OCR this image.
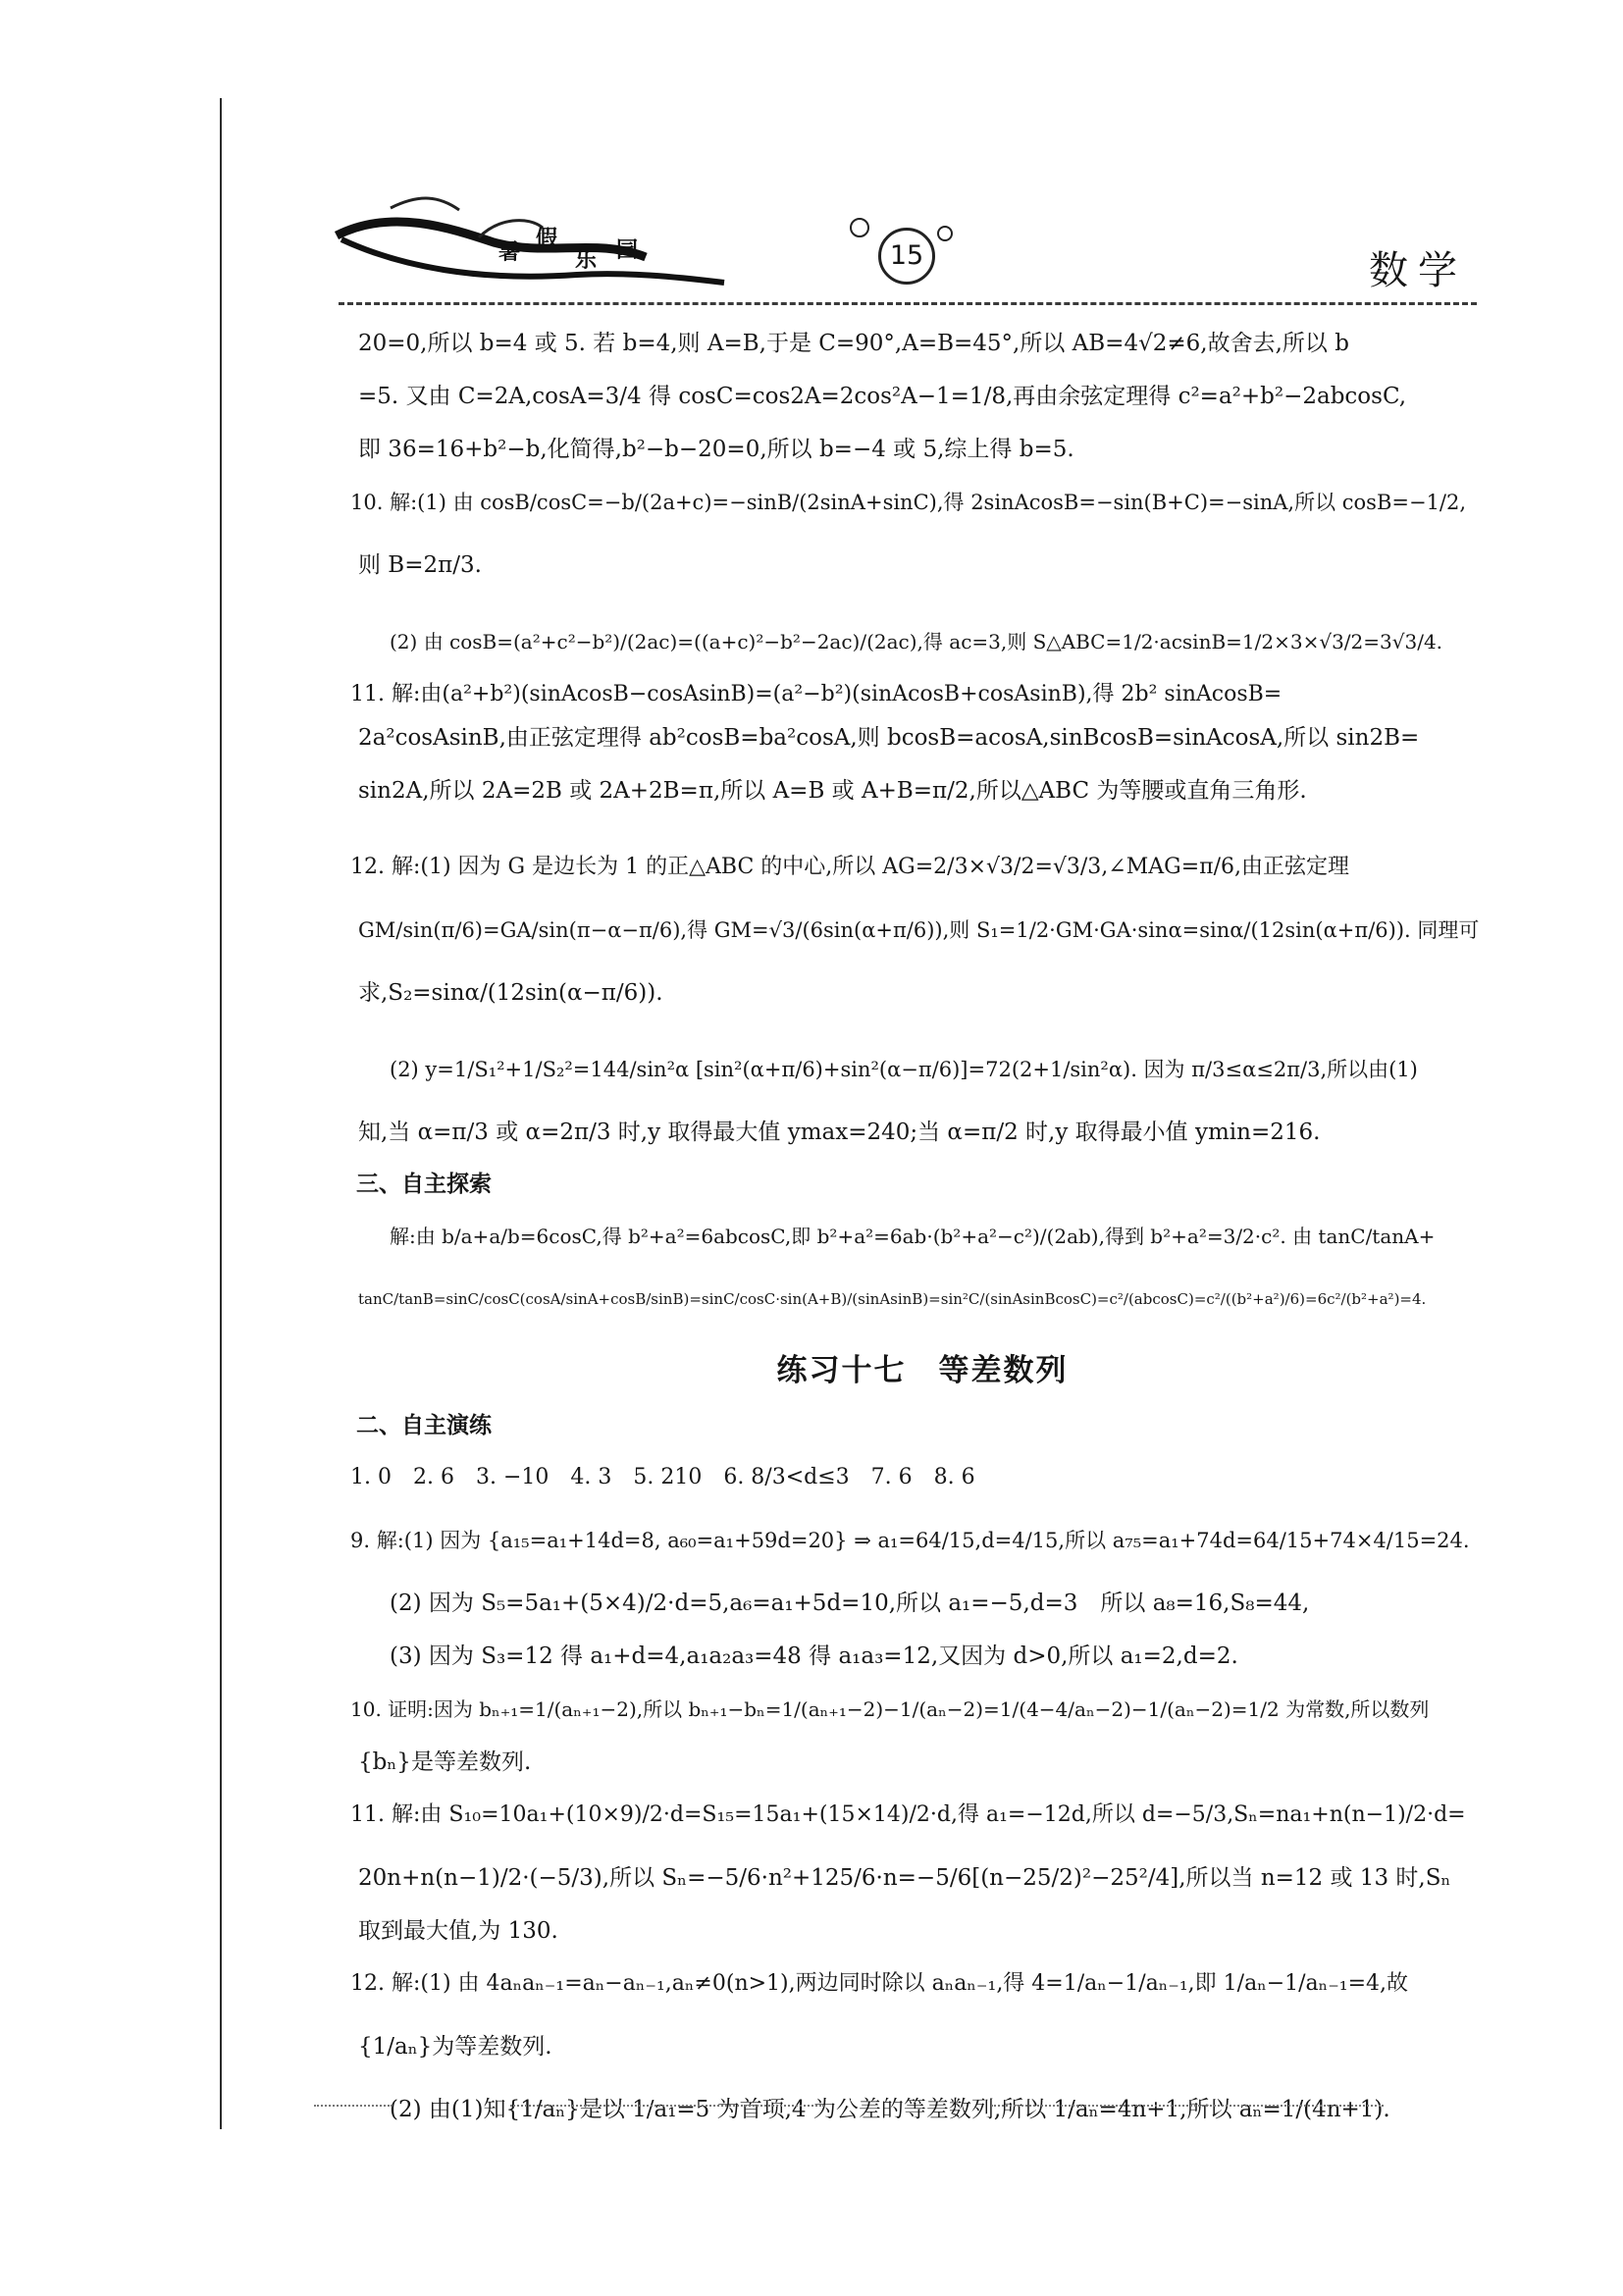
暑
假
乐 园	15	数学
20=0,所以 b=4 或 5. 若 b=4,则 A=B,于是 C=90°,A=B=45°,所以 AB=4√2≠6,故舍去,所以 b
=5. 又由 C=2A,cosA=3/4 得 cosC=cos2A=2cos²A−1=1/8,再由余弦定理得 c²=a²+b²−2abcosC,
即 36=16+b²−b,化简得,b²−b−20=0,所以 b=−4 或 5,综上得 b=5.
10. 解:(1) 由 cosB/cosC=−b/(2a+c)=−sinB/(2sinA+sinC),得 2sinAcosB=−sin(B+C)=−sinA,所以 cosB=−1/2,
则 B=2π/3.
(2) 由 cosB=(a²+c²−b²)/(2ac)=((a+c)²−b²−2ac)/(2ac),得 ac=3,则 S△ABC=1/2·acsinB=1/2×3×√3/2=3√3/4.
11. 解:由(a²+b²)(sinAcosB−cosAsinB)=(a²−b²)(sinAcosB+cosAsinB),得 2b² sinAcosB=
2a²cosAsinB,由正弦定理得 ab²cosB=ba²cosA,则 bcosB=acosA,sinBcosB=sinAcosA,所以 sin2B=
sin2A,所以 2A=2B 或 2A+2B=π,所以 A=B 或 A+B=π/2,所以△ABC 为等腰或直角三角形.
12. 解:(1) 因为 G 是边长为 1 的正△ABC 的中心,所以 AG=2/3×√3/2=√3/3,∠MAG=π/6,由正弦定理
GM/sin(π/6)=GA/sin(π−α−π/6),得 GM=√3/(6sin(α+π/6)),则 S₁=1/2·GM·GA·sinα=sinα/(12sin(α+π/6)). 同理可
求,S₂=sinα/(12sin(α−π/6)).
(2) y=1/S₁²+1/S₂²=144/sin²α [sin²(α+π/6)+sin²(α−π/6)]=72(2+1/sin²α). 因为 π/3≤α≤2π/3,所以由(1)
知,当 α=π/3 或 α=2π/3 时,y 取得最大值 ymax=240;当 α=π/2 时,y 取得最小值 ymin=216.
三、自主探索
解:由 b/a+a/b=6cosC,得 b²+a²=6abcosC,即 b²+a²=6ab·(b²+a²−c²)/(2ab),得到 b²+a²=3/2·c². 由 tanC/tanA+
tanC/tanB=sinC/cosC(cosA/sinA+cosB/sinB)=sinC/cosC·sin(A+B)/(sinAsinB)=sin²C/(sinAsinBcosC)=c²/(abcosC)=c²/((b²+a²)/6)=6c²/(b²+a²)=4.
练习十七　等差数列
二、自主演练
1. 0　2. 6　3. −10　4. 3　5. 210　6. 8/3<d≤3　7. 6　8. 6
9. 解:(1) 因为 {a₁₅=a₁+14d=8, a₆₀=a₁+59d=20} ⇒ a₁=64/15,d=4/15,所以 a₇₅=a₁+74d=64/15+74×4/15=24.
(2) 因为 S₅=5a₁+(5×4)/2·d=5,a₆=a₁+5d=10,所以 a₁=−5,d=3　所以 a₈=16,S₈=44,
(3) 因为 S₃=12 得 a₁+d=4,a₁a₂a₃=48 得 a₁a₃=12,又因为 d>0,所以 a₁=2,d=2.
10. 证明:因为 bₙ₊₁=1/(aₙ₊₁−2),所以 bₙ₊₁−bₙ=1/(aₙ₊₁−2)−1/(aₙ−2)=1/(4−4/aₙ−2)−1/(aₙ−2)=1/2 为常数,所以数列
{bₙ}是等差数列.
11. 解:由 S₁₀=10a₁+(10×9)/2·d=S₁₅=15a₁+(15×14)/2·d,得 a₁=−12d,所以 d=−5/3,Sₙ=na₁+n(n−1)/2·d=
20n+n(n−1)/2·(−5/3),所以 Sₙ=−5/6·n²+125/6·n=−5/6[(n−25/2)²−25²/4],所以当 n=12 或 13 时,Sₙ
取到最大值,为 130.
12. 解:(1) 由 4aₙaₙ₋₁=aₙ−aₙ₋₁,aₙ≠0(n>1),两边同时除以 aₙaₙ₋₁,得 4=1/aₙ−1/aₙ₋₁,即 1/aₙ−1/aₙ₋₁=4,故
{1/aₙ}为等差数列.
(2) 由(1)知{1/aₙ}是以 1/a₁=5 为首项,4 为公差的等差数列,所以 1/aₙ=4n+1,所以 aₙ=1/(4n+1).
